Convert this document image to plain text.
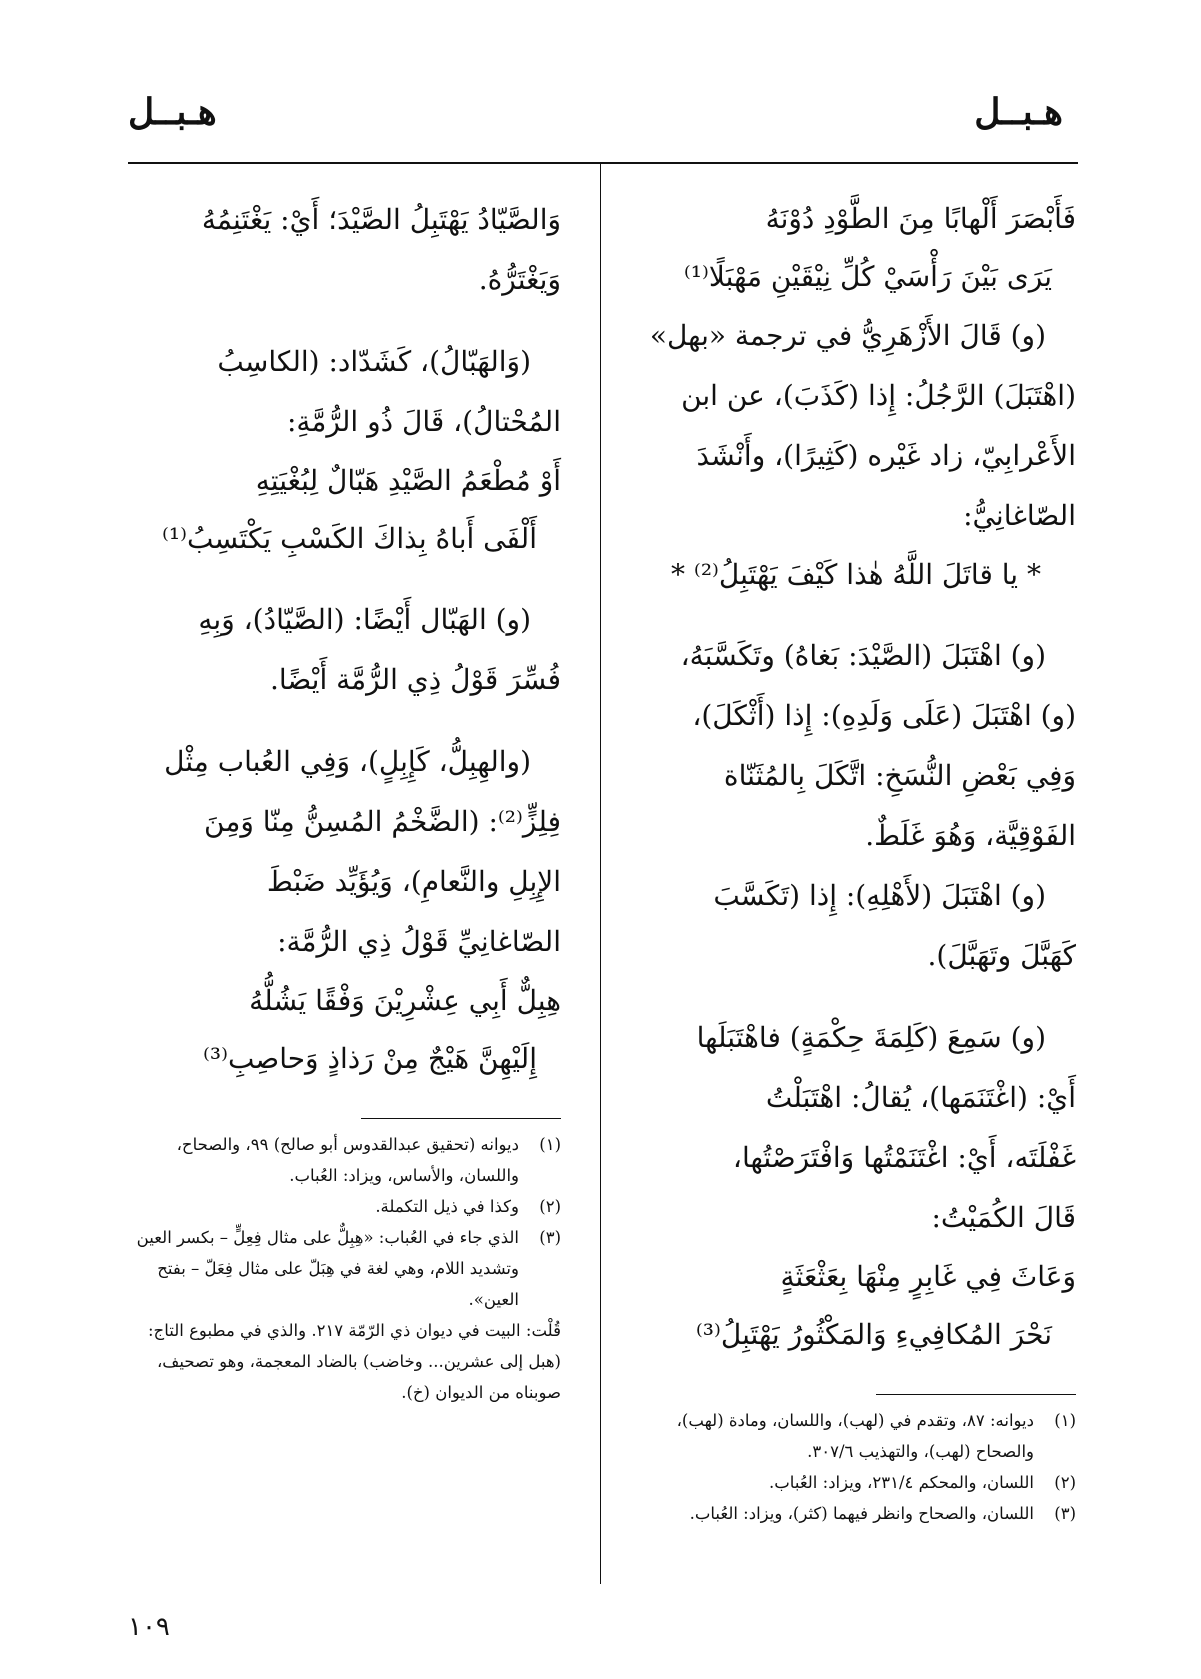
هـبــل
هـبــل

فَأَبْصَرَ أَلْهابًا مِنَ الطَّوْدِ دُوْنَهُ

يَرَى بَيْنَ رَأْسَيْ كُلِّ نِيْقَيْنِ مَهْبَلًا⁽¹⁾

(و) قَالَ الأَزْهَرِيُّ في ترجمة «بهل»
(اهْتَبَلَ) الرَّجُلُ: إِذا (كَذَبَ)، عن ابن
الأَعْرابِيّ، زاد غَيْره (كَثِيرًا)، وأَنْشَدَ
الصّاغانِيُّ:

* يا قاتَلَ اللَّهُ هٰذا كَيْفَ يَهْتَبِلُ⁽²⁾ *

(و) اهْتَبَلَ (الصَّيْدَ: بَغاهُ) وتَكَسَّبَهُ،
(و) اهْتَبَلَ (عَلَى وَلَدِهِ): إِذا (أَثْكَلَ)،
وَفِي بَعْضِ النُّسَخِ: اتَّكَلَ بِالمُثَنّاة
الفَوْقِيَّة، وَهُوَ غَلَطٌ.

(و) اهْتَبَلَ (لأَهْلِهِ): إِذا (تَكَسَّبَ
كَهَبَّلَ وتَهَبَّلَ).

(و) سَمِعَ (كَلِمَةَ حِكْمَةٍ) فاهْتَبَلَها
أَيْ: (اغْتَنَمَها)، يُقالُ: اهْتَبَلْتُ
غَفْلَتَه، أَيْ: اغْتَنَمْتُها وَافْتَرَصْتُها،
قَالَ الكُمَيْتُ:

وَعَاثَ فِي غَابِرٍ مِنْهَا بِعَثْعَثَةٍ

نَحْرَ المُكافِيءِ وَالمَكْثُورُ يَهْتَبِلُ⁽³⁾

(١)
ديوانه: ٨٧، وتقدم في (لهب)، واللسان، ومادة (لهب)، والصحاح (لهب)، والتهذيب ٣٠٧/٦.
(٢)
اللسان، والمحكم ٢٣١/٤، ويزاد: العُباب.
(٣)
اللسان، والصحاح وانظر فيهما (كثر)، ويزاد: العُباب.

وَالصَّيّادُ يَهْتَبِلُ الصَّيْدَ؛ أَيْ: يَغْتَنِمُهُ
وَيَغْتَرُّهُ.

(وَالهَبّالُ)، كَشَدّاد: (الكاسِبُ
المُحْتالُ)، قَالَ ذُو الرُّمَّةِ:

أَوْ مُطْعَمُ الصَّيْدِ هَبّالٌ لِبُغْيَتِهِ

أَلْفَى أَباهُ بِذاكَ الكَسْبِ يَكْتَسِبُ⁽¹⁾

(و) الهَبّال أَيْضًا: (الصَّيّادُ)، وَبِهِ
فُسِّرَ قَوْلُ ذِي الرُّمَّة أَيْضًا.

(والهِبِلُّ، كَإِبِلٍ)، وَفِي العُباب مِثْل
فِلِزٍّ⁽²⁾: (الضَّخْمُ المُسِنُّ مِنّا وَمِنَ
الإِبِلِ والنَّعامِ)، وَيُؤَيِّد ضَبْطَ
الصّاغانِيِّ قَوْلُ ذِي الرُّمَّة:

هِبِلٌّ أَبِي عِشْرِيْنَ وَفْقًا يَشُلُّهُ

إِلَيْهِنَّ هَيْجٌ مِنْ رَذاذٍ وَحاصِبِ⁽³⁾

(١)
ديوانه (تحقيق عبدالقدوس أبو صالح) ٩٩، والصحاح، واللسان، والأساس، ويزاد: العُباب.
(٢)
وكذا في ذيل التكملة.
(٣)
الذي جاء في العُباب: «هِبِلٌّ على مثال فِعِلٍّ – بكسر العين وتشديد اللام، وهي لغة في هِبَلّ على مثال فِعَلّ – بفتح العين».

قُلْت: البيت في ديوان ذي الرّمّة ٢١٧. والذي في مطبوع التاج: (هبل إلى عشرين... وخاضب) بالضاد المعجمة، وهو تصحيف، صوبناه من الديوان (خ).

١٠٩
